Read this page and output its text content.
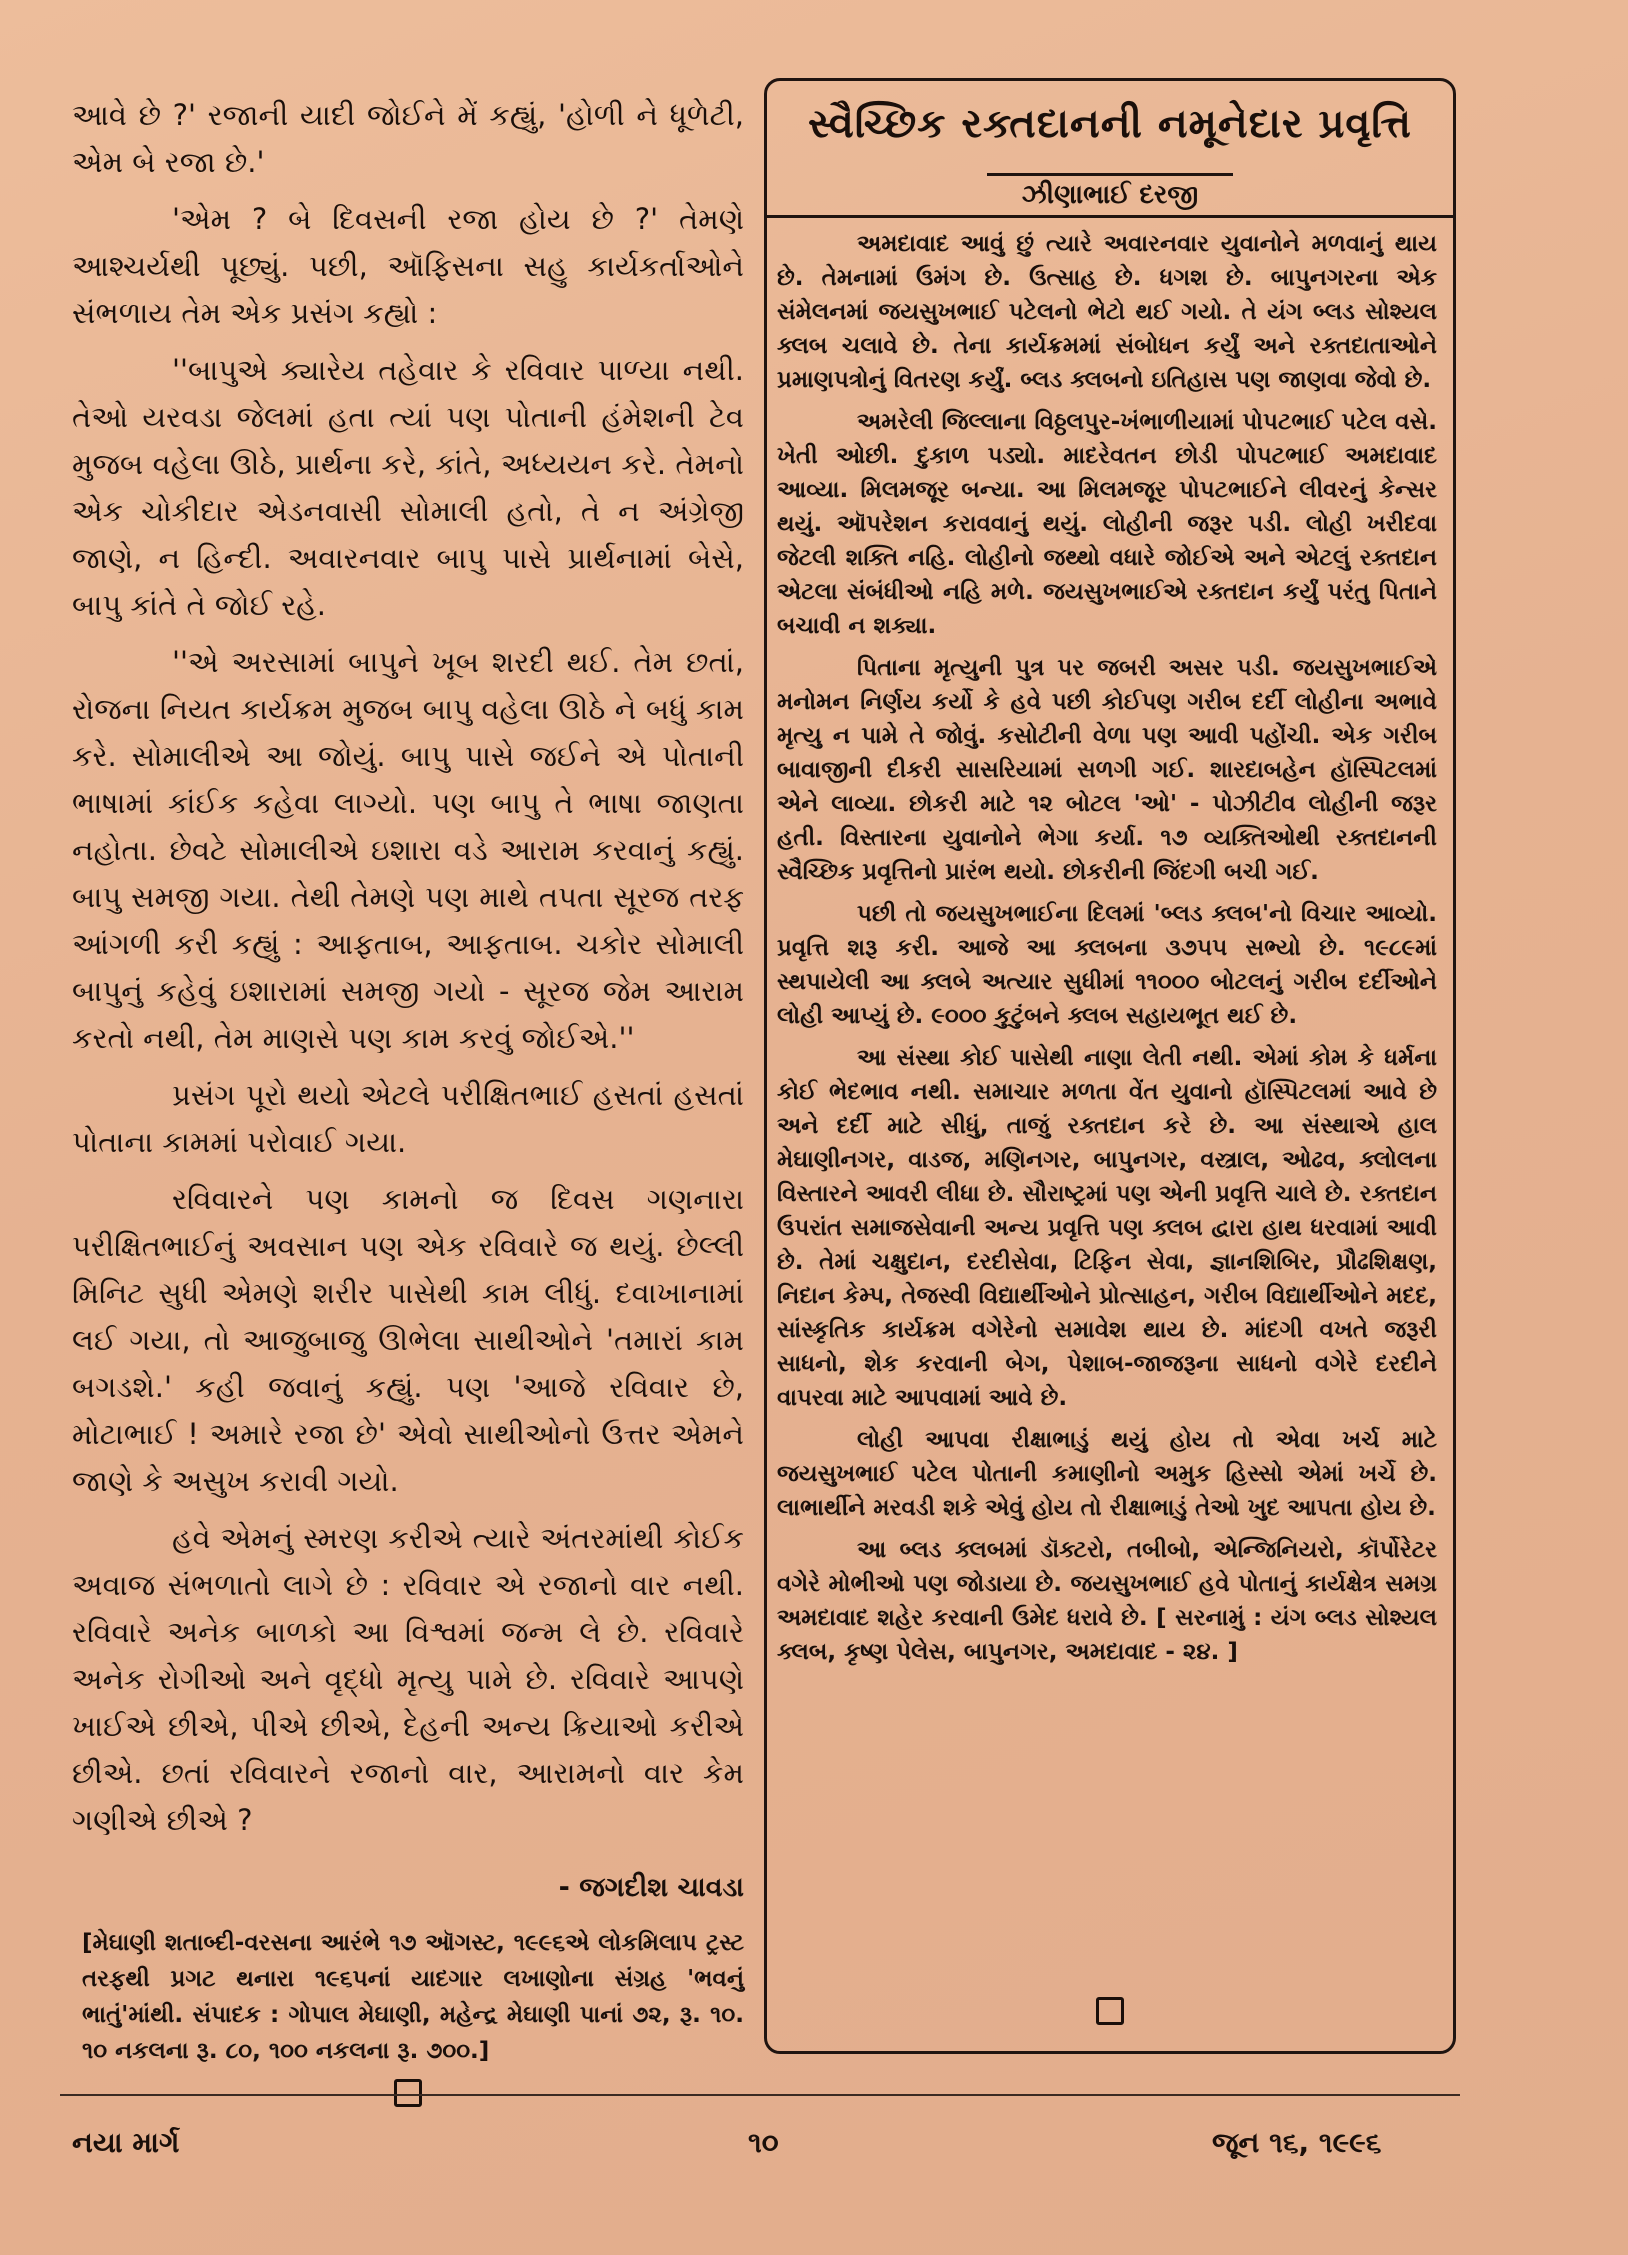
આવે છે ?' રજાની યાદી જોઈને મેં કહ્યું, 'હોળી ને ધૂળેટી, એમ બે રજા છે.'

'એમ ? બે દિવસની રજા હોય છે ?' તેમણે આશ્ચર્યથી પૂછ્યું. પછી, ઑફિસના સહુ કાર્યકર્તાઓને સંભળાય તેમ એક પ્રસંગ કહ્યો :

''બાપુએ ક્યારેય તહેવાર કે રવિવાર પાળ્યા નથી. તેઓ યરવડા જેલમાં હતા ત્યાં પણ પોતાની હંમેશની ટેવ મુજબ વહેલા ઊઠે, પ્રાર્થના કરે, કાંતે, અધ્યયન કરે. તેમનો એક ચોકીદાર એડનવાસી સોમાલી હતો, તે ન અંગ્રેજી જાણે, ન હિન્દી. અવારનવાર બાપુ પાસે પ્રાર્થનામાં બેસે, બાપુ કાંતે તે જોઈ રહે.

''એ અરસામાં બાપુને ખૂબ શરદી થઈ. તેમ છતાં, રોજના નિયત કાર્યક્રમ મુજબ બાપુ વહેલા ઊઠે ને બધું કામ કરે. સોમાલીએ આ જોયું. બાપુ પાસે જઈને એ પોતાની ભાષામાં કાંઈક કહેવા લાગ્યો. પણ બાપુ તે ભાષા જાણતા નહોતા. છેવટે સોમાલીએ ઇશારા વડે આરામ કરવાનું કહ્યું. બાપુ સમજી ગયા. તેથી તેમણે પણ માથે તપતા સૂરજ તરફ આંગળી કરી કહ્યું : આફતાબ, આફતાબ. ચકોર સોમાલી બાપુનું કહેવું ઇશારામાં સમજી ગયો - સૂરજ જેમ આરામ કરતો નથી, તેમ માણસે પણ કામ કરવું જોઈએ.''

પ્રસંગ પૂરો થયો એટલે પરીક્ષિતભાઈ હસતાં હસતાં પોતાના કામમાં પરોવાઈ ગયા.

રવિવારને પણ કામનો જ દિવસ ગણનારા પરીક્ષિતભાઈનું અવસાન પણ એક રવિવારે જ થયું. છેલ્લી મિનિટ સુધી એમણે શરીર પાસેથી કામ લીધું. દવાખાનામાં લઈ ગયા, તો આજુબાજુ ઊભેલા સાથીઓને 'તમારાં કામ બગડશે.' કહી જવાનું કહ્યું. પણ 'આજે રવિવાર છે, મોટાભાઈ ! અમારે રજા છે' એવો સાથીઓનો ઉત્તર એમને જાણે કે અસુખ કરાવી ગયો.

હવે એમનું સ્મરણ કરીએ ત્યારે અંતરમાંથી કોઈક અવાજ સંભળાતો લાગે છે : રવિવાર એ રજાનો વાર નથી. રવિવારે અનેક બાળકો આ વિશ્વમાં જન્મ લે છે. રવિવારે અનેક રોગીઓ અને વૃદ્ધો મૃત્યુ પામે છે. રવિવારે આપણે ખાઈએ છીએ, પીએ છીએ, દેહની અન્ય ક્રિયાઓ કરીએ છીએ. છતાં રવિવારને રજાનો વાર, આરામનો વાર કેમ ગણીએ છીએ ?

- જગદીશ ચાવડા
[મેઘાણી શતાબ્દી-વરસના આરંભે ૧૭ ઑગસ્ટ, ૧૯૯૬એ લોકમિલાપ ટ્રસ્ટ તરફથી પ્રગટ થનારા ૧૯૬૫નાં યાદગાર લખાણોના સંગ્રહ 'ભવનું ભાતું'માંથી. સંપાદક : ગોપાલ મેઘાણી, મહેન્દ્ર મેઘાણી પાનાં ૭૨, રૂ. ૧૦. ૧૦ નકલના રૂ. ૮૦, ૧૦૦ નકલના રૂ. ૭૦૦.]
સ્વૈચ્છિક રક્તદાનની નમૂનેદાર પ્રવૃત્તિ
ઝીણાભાઈ દરજી

અમદાવાદ આવું છું ત્યારે અવારનવાર યુવાનોને મળવાનું થાય છે. તેમનામાં ઉમંગ છે. ઉત્સાહ છે. ધગશ છે. બાપુનગરના એક સંમેલનમાં જયસુખભાઈ પટેલનો ભેટો થઈ ગયો. તે યંગ બ્લડ સોશ્યલ ક્લબ ચલાવે છે. તેના કાર્યક્રમમાં સંબોધન કર્યું અને રક્તદાતાઓને પ્રમાણપત્રોનું વિતરણ કર્યું. બ્લડ ક્લબનો ઇતિહાસ પણ જાણવા જેવો છે.

અમરેલી જિલ્લાના વિઠ્ઠલપુર-ખંભાળીયામાં પોપટભાઈ પટેલ વસે. ખેતી ઓછી. દુકાળ પડ્યો. માદરેવતન છોડી પોપટભાઈ અમદાવાદ આવ્યા. મિલમજૂર બન્યા. આ મિલમજૂર પોપટભાઈને લીવરનું કેન્સર થયું. ઑપરેશન કરાવવાનું થયું. લોહીની જરૂર પડી. લોહી ખરીદવા જેટલી શક્તિ નહિ. લોહીનો જથ્થો વધારે જોઈએ અને એટલું રક્તદાન એટલા સંબંધીઓ નહિ મળે. જયસુખભાઈએ રક્તદાન કર્યું પરંતુ પિતાને બચાવી ન શક્યા.

પિતાના મૃત્યુની પુત્ર પર જબરી અસર પડી. જયસુખભાઈએ મનોમન નિર્ણય કર્યો કે હવે પછી કોઈપણ ગરીબ દર્દી લોહીના અભાવે મૃત્યુ ન પામે તે જોવું. કસોટીની વેળા પણ આવી પહોંચી. એક ગરીબ બાવાજીની દીકરી સાસરિયામાં સળગી ગઈ. શારદાબહેન હૉસ્પિટલમાં એને લાવ્યા. છોકરી માટે ૧૨ બોટલ 'ઓ' - પોઝીટીવ લોહીની જરૂર હતી. વિસ્તારના યુવાનોને ભેગા કર્યા. ૧૭ વ્યક્તિઓથી રક્તદાનની સ્વૈચ્છિક પ્રવૃત્તિનો પ્રારંભ થયો. છોકરીની જિંદગી બચી ગઈ.

પછી તો જયસુખભાઈના દિલમાં 'બ્લડ ક્લબ'નો વિચાર આવ્યો. પ્રવૃત્તિ શરૂ કરી. આજે આ ક્લબના ૩૭૫૫ સભ્યો છે. ૧૯૮૯માં સ્થપાયેલી આ ક્લબે અત્યાર સુધીમાં ૧૧૦૦૦ બોટલનું ગરીબ દર્દીઓને લોહી આપ્યું છે. ૯૦૦૦ કુટુંબને ક્લબ સહાયભૂત થઈ છે.

આ સંસ્થા કોઈ પાસેથી નાણા લેતી નથી. એમાં કોમ કે ધર્મના કોઈ ભેદભાવ નથી. સમાચાર મળતા વેંત યુવાનો હૉસ્પિટલમાં આવે છે અને દર્દી માટે સીધું, તાજું રક્તદાન કરે છે. આ સંસ્થાએ હાલ મેઘાણીનગર, વાડજ, મણિનગર, બાપુનગર, વસ્ત્રાલ, ઓઢવ, ક્લોલના વિસ્તારને આવરી લીધા છે. સૌરાષ્ટ્રમાં પણ એની પ્રવૃત્તિ ચાલે છે. રક્તદાન ઉપરાંત સમાજસેવાની અન્ય પ્રવૃત્તિ પણ ક્લબ દ્વારા હાથ ધરવામાં આવી છે. તેમાં ચક્ષુદાન, દરદીસેવા, ટિફિન સેવા, જ્ઞાનશિબિર, પ્રૌઢશિક્ષણ, નિદાન કેમ્પ, તેજસ્વી વિદ્યાર્થીઓને પ્રોત્સાહન, ગરીબ વિદ્યાર્થીઓને મદદ, સાંસ્કૃતિક કાર્યક્રમ વગેરેનો સમાવેશ થાય છે. માંદગી વખતે જરૂરી સાધનો, શેક કરવાની બેગ, પેશાબ-જાજરૂના સાધનો વગેરે દરદીને વાપરવા માટે આપવામાં આવે છે.

લોહી આપવા રીક્ષાભાડું થયું હોય તો એવા ખર્ચ માટે જયસુખભાઈ પટેલ પોતાની કમાણીનો અમુક હિસ્સો એમાં ખર્ચે છે. લાભાર્થીને મરવડી શકે એવું હોય તો રીક્ષાભાડું તેઓ ખુદ આપતા હોય છે.

આ બ્લડ ક્લબમાં ડૉક્ટરો, તબીબો, એન્જિનિયરો, કૉર્પોરેટર વગેરે મોભીઓ પણ જોડાયા છે. જયસુખભાઈ હવે પોતાનું કાર્યક્ષેત્ર સમગ્ર અમદાવાદ શહેર કરવાની ઉમેદ ધરાવે છે. [ સરનામું : યંગ બ્લડ સોશ્યલ ક્લબ, કૃષ્ણ પેલેસ, બાપુનગર, અમદાવાદ - ૨૪. ]

નયા માર્ગ	૧૦	જૂન ૧૬, ૧૯૯૬
